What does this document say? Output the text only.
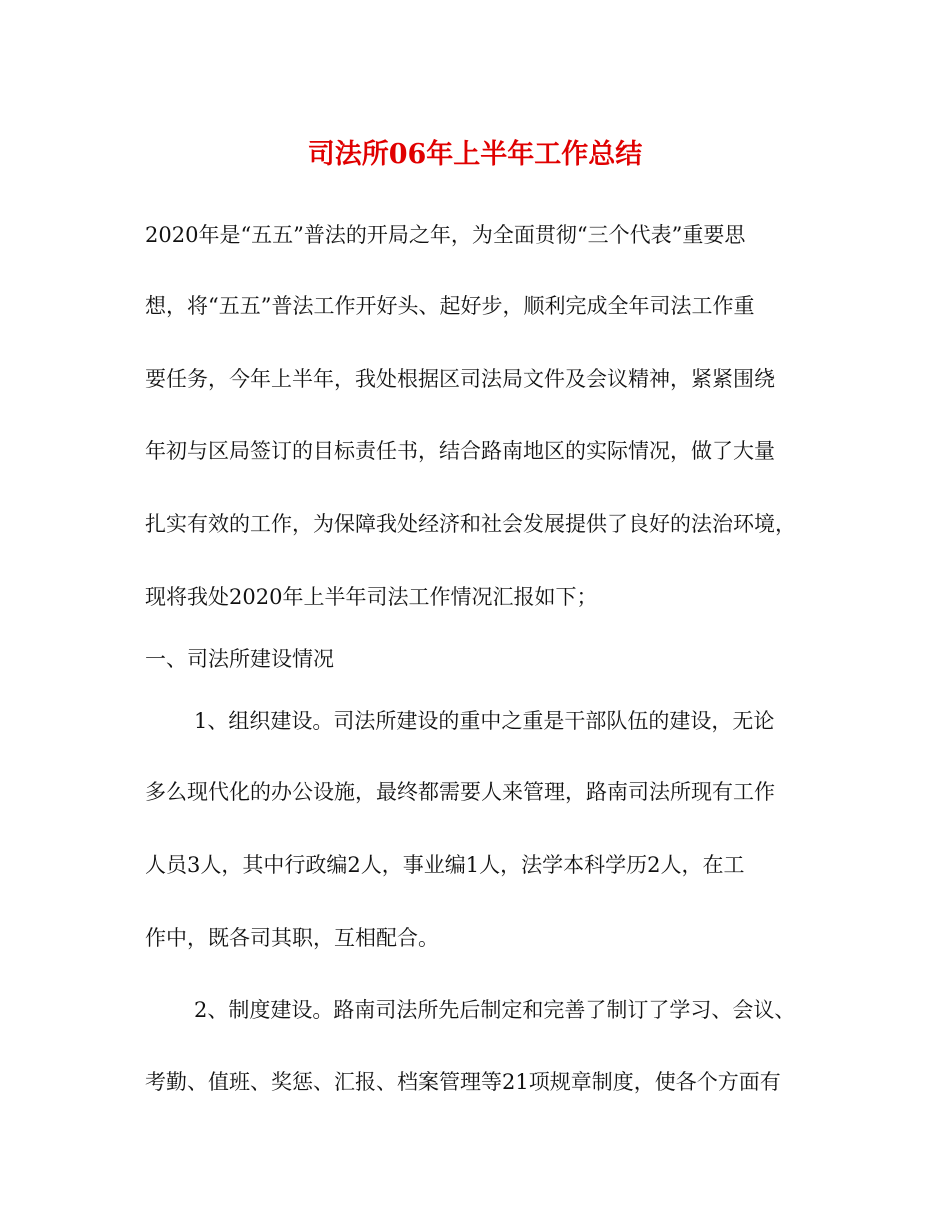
司法所06年上半年工作总结
2020年是“五五”普法的开局之年，为全面贯彻“三个代表”重要思
想，将“五五”普法工作开好头、起好步，顺利完成全年司法工作重
要任务，今年上半年，我处根据区司法局文件及会议精神，紧紧围绕
年初与区局签订的目标责任书，结合路南地区的实际情况，做了大量
扎实有效的工作，为保障我处经济和社会发展提供了良好的法治环境，
现将我处2020年上半年司法工作情况汇报如下；
一、司法所建设情况
1、组织建设。司法所建设的重中之重是干部队伍的建设，无论
多么现代化的办公设施，最终都需要人来管理，路南司法所现有工作
人员3人，其中行政编2人，事业编1人，法学本科学历2人，在工
作中，既各司其职，互相配合。
2、制度建设。路南司法所先后制定和完善了制订了学习、会议、
考勤、值班、奖惩、汇报、档案管理等21项规章制度，使各个方面有
